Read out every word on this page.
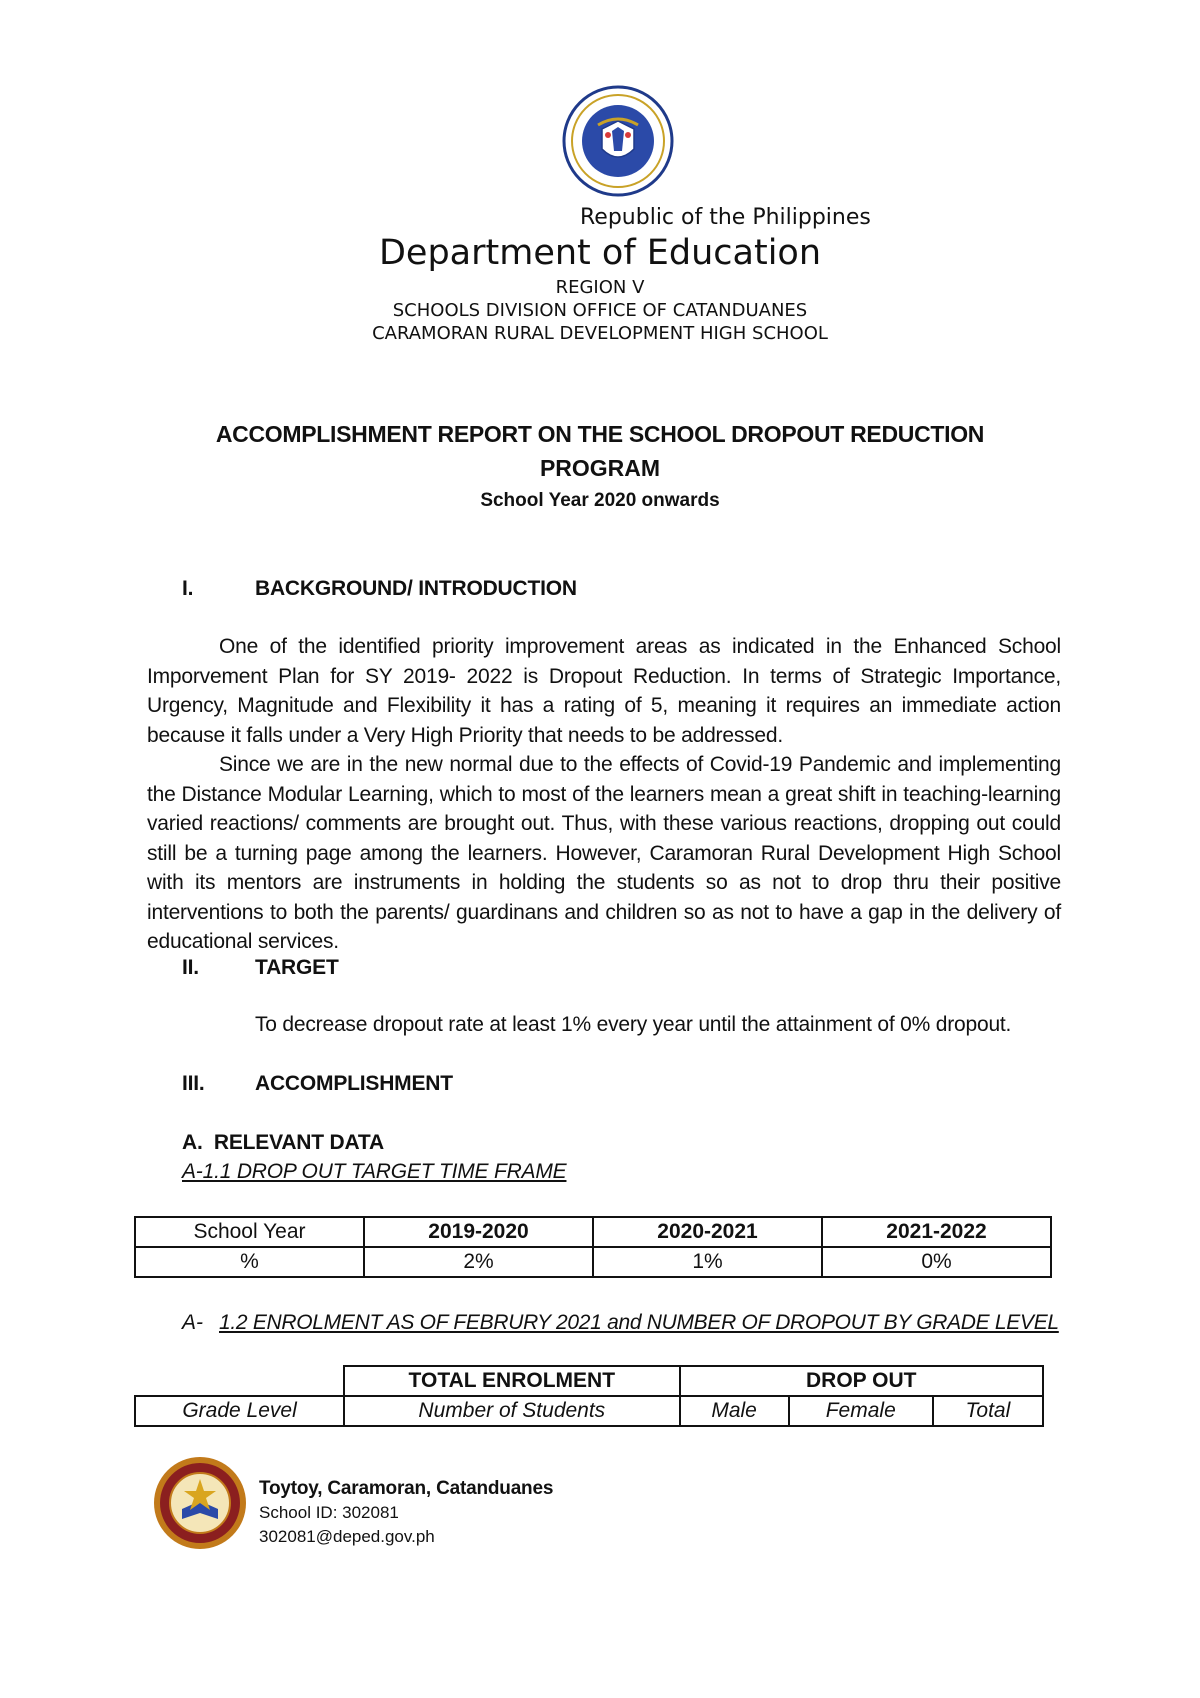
Republic of the Philippines
Department of Education
REGION V
SCHOOLS DIVISION OFFICE OF CATANDUANES
CARAMORAN RURAL DEVELOPMENT HIGH SCHOOL
ACCOMPLISHMENT REPORT ON THE SCHOOL DROPOUT REDUCTION
PROGRAM
School Year 2020 onwards
I.	BACKGROUND/ INTRODUCTION

One of the identified priority improvement areas as indicated in the Enhanced School Imporvement Plan for SY 2019- 2022 is Dropout Reduction. In terms of Strategic Importance, Urgency, Magnitude and Flexibility it has a rating of 5, meaning it requires an immediate action because it falls under a Very High Priority that needs to be addressed.

Since we are in the new normal due to the effects of Covid-19 Pandemic and implementing the Distance Modular Learning, which to most of the learners mean a great shift in teaching-learning varied reactions/ comments are brought out. Thus, with these various reactions, dropping out could still be a turning page among the learners. However, Caramoran Rural Development High School with its mentors are instruments in holding the students so as not to drop thru their positive interventions to both the parents/ guardinans and children so as not to have a gap in the delivery of educational services.

II.	TARGET
To decrease dropout rate at least 1% every year until the attainment of 0% dropout.
III. ACCOMPLISHMENT
A.  RELEVANT DATA
A-1.1 DROP OUT TARGET TIME FRAME
School Year	2019-2020	2020-2021	2021-2022
%	2%	1%	0%
A- 1.2 ENROLMENT AS OF FEBRURY 2021 and NUMBER OF DROPOUT BY GRADE LEVEL
	TOTAL ENROLMENT	DROP OUT		
Grade Level	Number of Students	Male	Female	Total
Toytoy, Caramoran, Catanduanes
School ID: 302081
302081@deped.gov.ph
